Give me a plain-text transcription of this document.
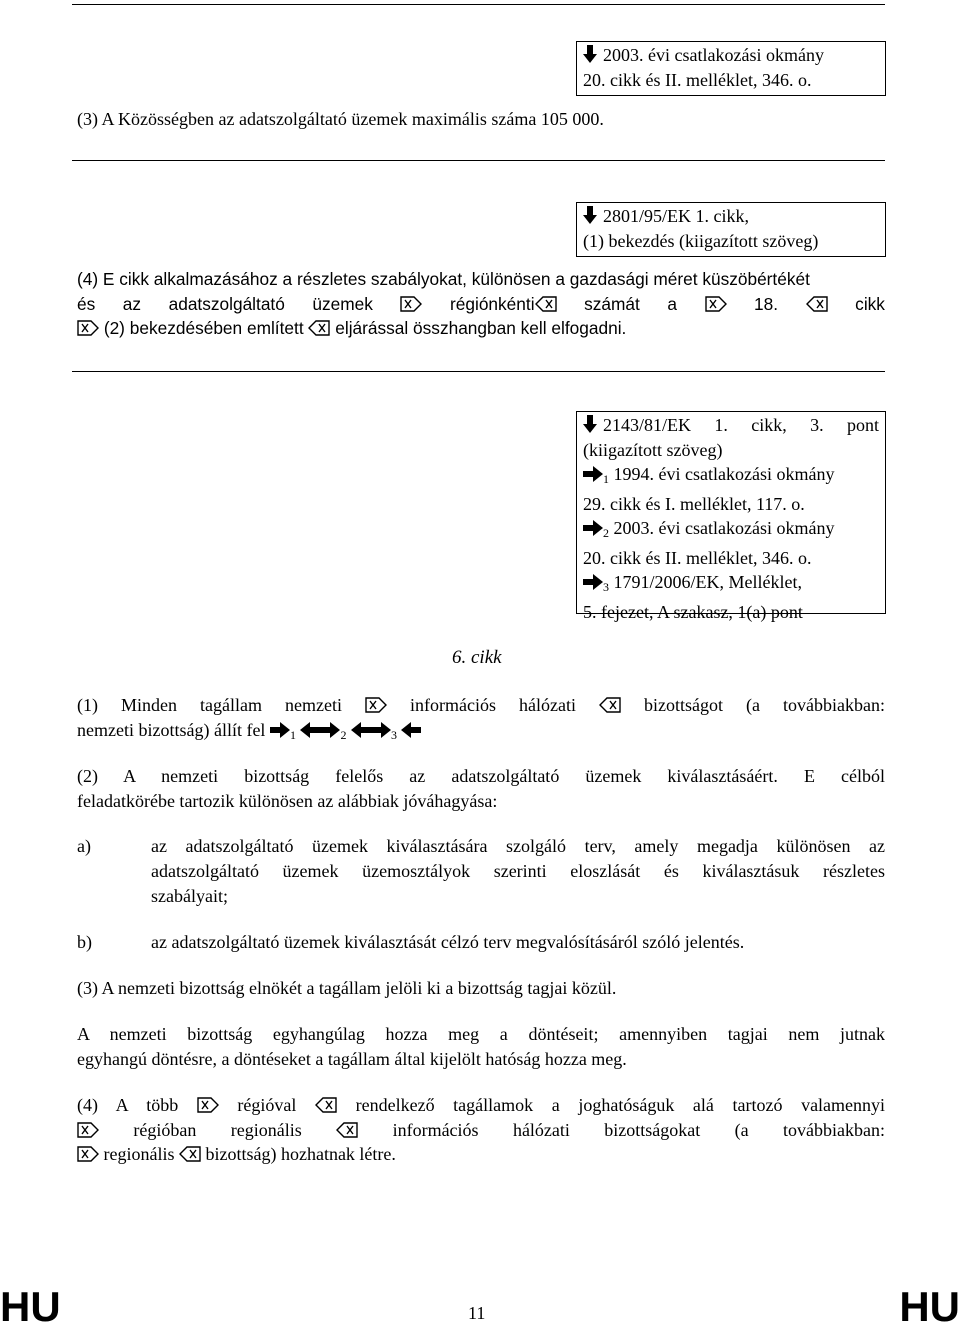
2003. évi csatlakozási okmány
20. cikk és II. melléklet, 346. o.
(3) A Közösségben az adatszolgáltató üzemek maximális száma 105 000.
2801/95/EK 1. cikk,
(1) bekezdés (kiigazított szöveg)
(4) E cikk alkalmazásához a részletes szabályokat, különösen a gazdasági méret küszöbértékét
és az adatszolgáltató üzemek	régiónkénti	számát a	18.	cikk
(2) bekezdésében említett eljárással összhangban kell elfogadni.
2143/81/EK 1. cikk, 3. pont
(kiigazított szöveg)
$_1$ 1994. évi csatlakozási okmány
29. cikk és I. melléklet, 117. o.
$_2$ 2003. évi csatlakozási okmány
20. cikk és II. melléklet, 346. o.
$_3$ 1791/2006/EK, Melléklet,
5. fejezet, A szakasz, 1(a) pont
6. cikk
(1) Minden tagállam nemzeti	információs hálózati	bizottságot (a továbbiakban:
nemzeti bizottság) állít fel $_1$	$_2$	$_3$
(2) A nemzeti bizottság felelős az adatszolgáltató üzemek kiválasztásáért. E célból
feladatkörébe tartozik különösen az alábbiak jóváhagyása:
a)	az adatszolgáltató üzemek kiválasztására szolgáló terv, amely megadja különösen az
adatszolgáltató üzemek üzemosztályok szerinti eloszlását és kiválasztásuk részletes
szabályait;
b)	az adatszolgáltató üzemek kiválasztását célzó terv megvalósításáról szóló jelentés.
(3) A nemzeti bizottság elnökét a tagállam jelöli ki a bizottság tagjai közül.
A nemzeti bizottság egyhangúlag hozza meg a döntéseit; amennyiben tagjai nem jutnak
egyhangú döntésre, a döntéseket a tagállam által kijelölt hatóság hozza meg.
(4) A több	régióval	rendelkező tagállamok a joghatóságuk alá tartozó valamennyi
régióban regionális	információs hálózati bizottságokat (a továbbiakban:
regionális bizottság) hozhatnak létre.
HU	11	HU
